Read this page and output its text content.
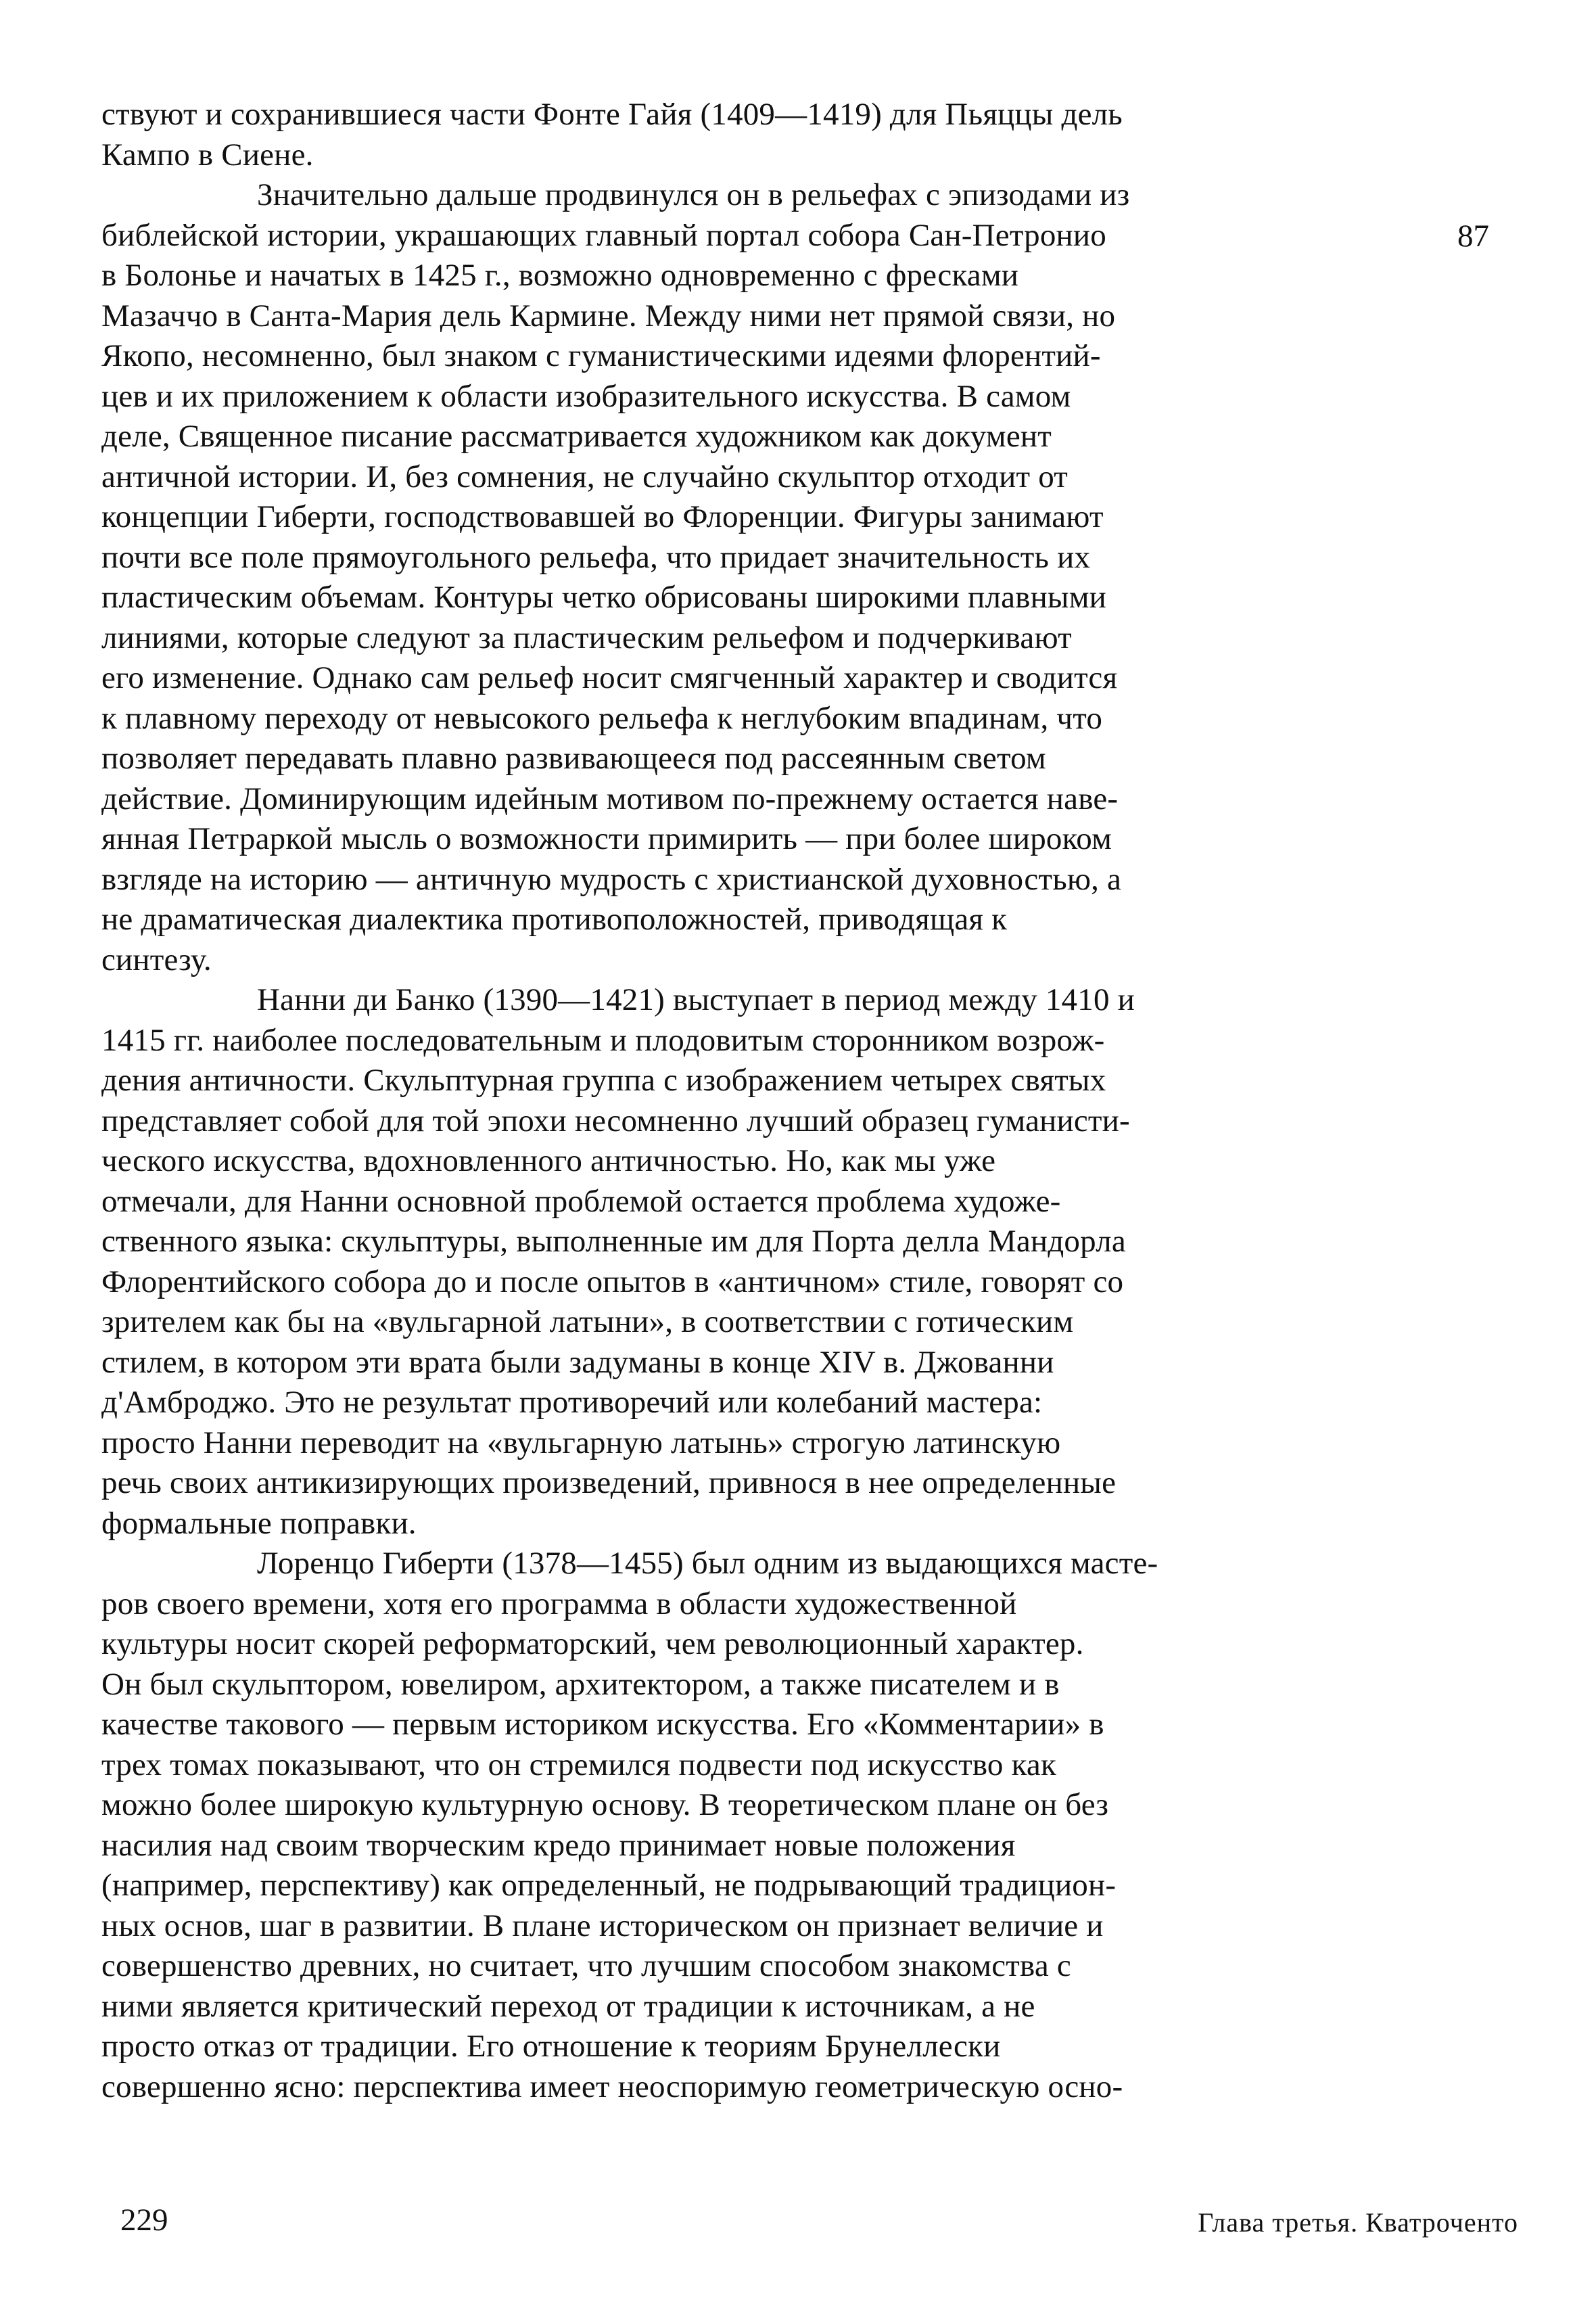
ствуют и сохранившиеся части Фонте Гайя (1409—1419) для Пьяццы дель
Кампо в Сиене.
Значительно дальше продвинулся он в рельефах с эпизодами из
библейской истории, украшающих главный портал собора Сан-Петронио
в Болонье и начатых в 1425 г., возможно одновременно с фресками
Мазаччо в Санта-Мария дель Кармине. Между ними нет прямой связи, но
Якопо, несомненно, был знаком с гуманистическими идеями флорентий-
цев и их приложением к области изобразительного искусства. В самом
деле, Священное писание рассматривается художником как документ
античной истории. И, без сомнения, не случайно скульптор отходит от
концепции Гиберти, господствовавшей во Флоренции. Фигуры занимают
почти все поле прямоугольного рельефа, что придает значительность их
пластическим объемам. Контуры четко обрисованы широкими плавными
линиями, которые следуют за пластическим рельефом и подчеркивают
его изменение. Однако сам рельеф носит смягченный характер и сводится
к плавному переходу от невысокого рельефа к неглубоким впадинам, что
позволяет передавать плавно развивающееся под рассеянным светом
действие. Доминирующим идейным мотивом по-прежнему остается наве-
янная Петраркой мысль о возможности примирить — при более широком
взгляде на историю — античную мудрость с христианской духовностью, а
не драматическая диалектика противоположностей, приводящая к
синтезу.
Нанни ди Банко (1390—1421) выступает в период между 1410 и
1415 гг. наиболее последовательным и плодовитым сторонником возрож-
дения античности. Скульптурная группа с изображением четырех святых
представляет собой для той эпохи несомненно лучший образец гуманисти-
ческого искусства, вдохновленного античностью. Но, как мы уже
отмечали, для Нанни основной проблемой остается проблема художе-
ственного языка: скульптуры, выполненные им для Порта делла Мандорла
Флорентийского собора до и после опытов в «античном» стиле, говорят со
зрителем как бы на «вульгарной латыни», в соответствии с готическим
стилем, в котором эти врата были задуманы в конце XIV в. Джованни
д'Амброджо. Это не результат противоречий или колебаний мастера:
просто Нанни переводит на «вульгарную латынь» строгую латинскую
речь своих антикизирующих произведений, привнося в нее определенные
формальные поправки.
Лоренцо Гиберти (1378—1455) был одним из выдающихся масте-
ров своего времени, хотя его программа в области художественной
культуры носит скорей реформаторский, чем революционный характер.
Он был скульптором, ювелиром, архитектором, а также писателем и в
качестве такового — первым историком искусства. Его «Комментарии» в
трех томах показывают, что он стремился подвести под искусство как
можно более широкую культурную основу. В теоретическом плане он без
насилия над своим творческим кредо принимает новые положения
(например, перспективу) как определенный, не подрывающий традицион-
ных основ, шаг в развитии. В плане историческом он признает величие и
совершенство древних, но считает, что лучшим способом знакомства с
ними является критический переход от традиции к источникам, а не
просто отказ от традиции. Его отношение к теориям Брунеллески
совершенно ясно: перспектива имеет неоспоримую геометрическую осно-
87
229	Глава третья. Кватроченто
